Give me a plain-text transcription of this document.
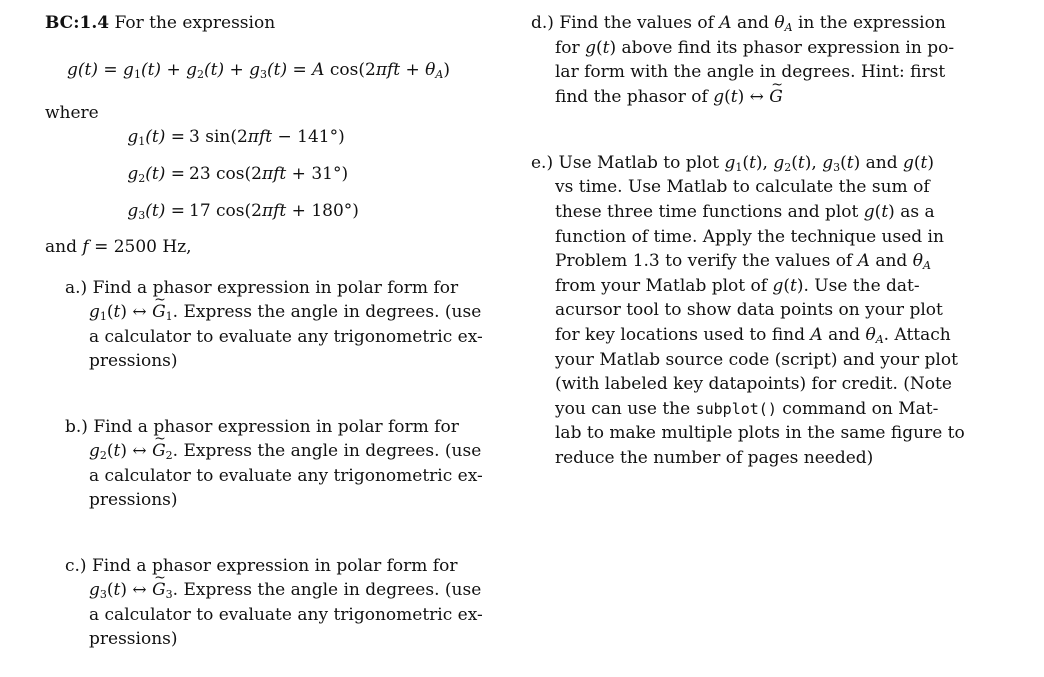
BC:1.4 For the expression
$g(t) = g_1(t) + g_2(t) + g_3(t) = A$ cos(2πft + θA)
where
$g_1(t) = 3$ sin(2πft − 141°)
$g_2(t) = 23$ cos(2πft + 31°)
$g_3(t) = 17$ cos(2πft + 180°)
and f = 2500 Hz,
a.) Find a phasor expression in polar form for
$g_1(t)$ ↔ ~ $G_1$. Express the angle in degrees. (use
a calculator to evaluate any trigonometric ex-
pressions)
b.) Find a phasor expression in polar form for
$g_2(t)$ ↔ ~ $G_2$. Express the angle in degrees. (use
a calculator to evaluate any trigonometric ex-
pressions)
c.) Find a phasor expression in polar form for
$g_3(t)$ ↔ ~ $G_3$. Express the angle in degrees. (use
a calculator to evaluate any trigonometric ex-
pressions)
d.) Find the values of A and θA in the expression
for g(t) above find its phasor expression in po-
lar form with the angle in degrees. Hint: first
find the phasor of g(t) ↔ ~ G
e.) Use Matlab to plot $g_1(t)$, $g_2(t)$, $g_3(t)$ and g(t)
vs time. Use Matlab to calculate the sum of
these three time functions and plot g(t) as a
function of time. Apply the technique used in
Problem 1.3 to verify the values of A and θA
from your Matlab plot of g(t). Use the dat-
acursor tool to show data points on your plot
for key locations used to find A and θA. Attach
your Matlab source code (script) and your plot
(with labeled key datapoints) for credit. (Note
you can use the subplot() command on Mat-
lab to make multiple plots in the same figure to
reduce the number of pages needed)
